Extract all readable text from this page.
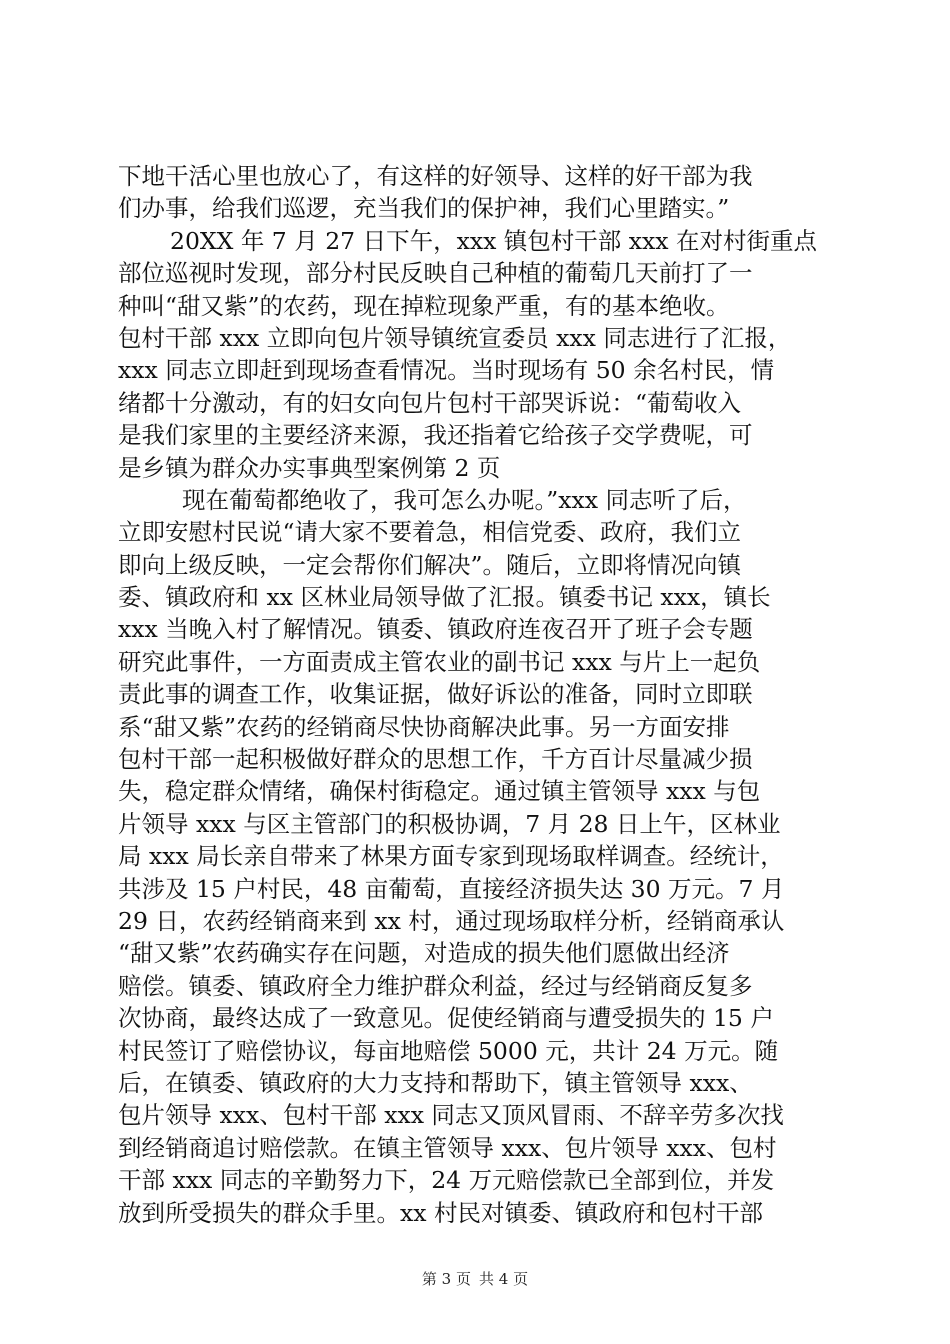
下地干活心里也放心了，有这样的好领导、这样的好干部为我
们办事，给我们巡逻，充当我们的保护神，我们心里踏实。”
20XX 年 7 月 27 日下午，xxx 镇包村干部 xxx 在对村街重点
部位巡视时发现，部分村民反映自己种植的葡萄几天前打了一
种叫“甜又紫”的农药，现在掉粒现象严重，有的基本绝收。
包村干部 xxx 立即向包片领导镇统宣委员 xxx 同志进行了汇报，
xxx 同志立即赶到现场查看情况。当时现场有 50 余名村民，情
绪都十分激动，有的妇女向包片包村干部哭诉说：“葡萄收入
是我们家里的主要经济来源，我还指着它给孩子交学费呢，可
是乡镇为群众办实事典型案例第 2 页
现在葡萄都绝收了，我可怎么办呢。”xxx 同志听了后，
立即安慰村民说“请大家不要着急，相信党委、政府，我们立
即向上级反映，一定会帮你们解决”。随后，立即将情况向镇
委、镇政府和 xx 区林业局领导做了汇报。镇委书记 xxx，镇长
xxx 当晚入村了解情况。镇委、镇政府连夜召开了班子会专题
研究此事件，一方面责成主管农业的副书记 xxx 与片上一起负
责此事的调查工作，收集证据，做好诉讼的准备，同时立即联
系“甜又紫”农药的经销商尽快协商解决此事。另一方面安排
包村干部一起积极做好群众的思想工作，千方百计尽量减少损
失，稳定群众情绪，确保村街稳定。通过镇主管领导 xxx 与包
片领导 xxx 与区主管部门的积极协调，7 月 28 日上午，区林业
局 xxx 局长亲自带来了林果方面专家到现场取样调查。经统计，
共涉及 15 户村民，48 亩葡萄，直接经济损失达 30 万元。7 月
29 日，农药经销商来到 xx 村，通过现场取样分析，经销商承认
“甜又紫”农药确实存在问题，对造成的损失他们愿做出经济
赔偿。镇委、镇政府全力维护群众利益，经过与经销商反复多
次协商，最终达成了一致意见。促使经销商与遭受损失的 15 户
村民签订了赔偿协议，每亩地赔偿 5000 元，共计 24 万元。随
后，在镇委、镇政府的大力支持和帮助下，镇主管领导 xxx、
包片领导 xxx、包村干部 xxx 同志又顶风冒雨、不辞辛劳多次找
到经销商追讨赔偿款。在镇主管领导 xxx、包片领导 xxx、包村
干部 xxx 同志的辛勤努力下，24 万元赔偿款已全部到位，并发
放到所受损失的群众手里。xx 村民对镇委、镇政府和包村干部
第 3 页 共 4 页
